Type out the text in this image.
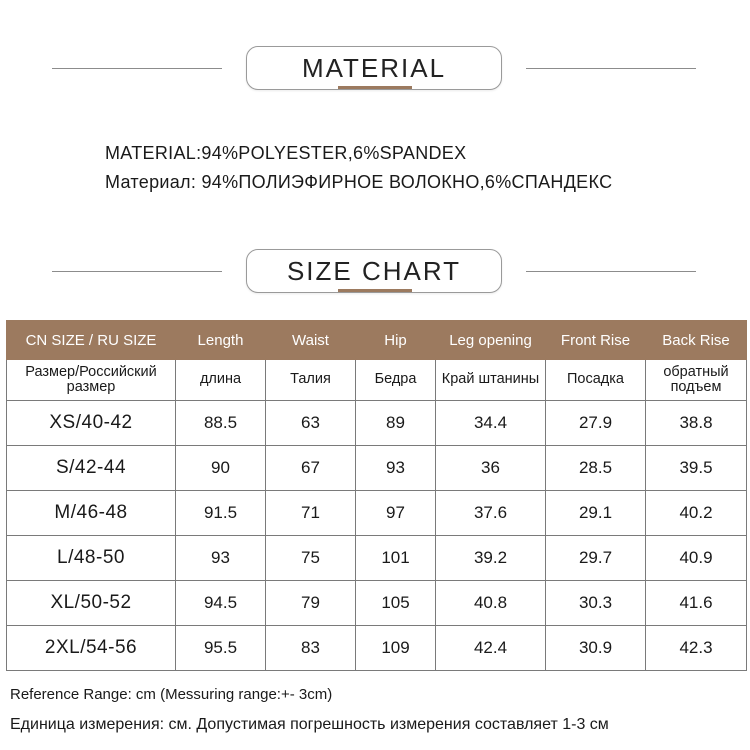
MATERIAL
MATERIAL:94%POLYESTER,6%SPANDEX
Материал: 94%ПОЛИЭФИРНОЕ ВОЛОКНО,6%СПАНДЕКС
SIZE CHART
CN SIZE / RU SIZE	Length	Waist	Hip	Leg opening	Front Rise	Back Rise
Размер/Российский размер	длина	Талия	Бедра	Край штанины	Посадка	обратный подъем
XS/40-42	88.5	63	89	34.4	27.9	38.8
S/42-44	90	67	93	36	28.5	39.5
M/46-48	91.5	71	97	37.6	29.1	40.2
L/48-50	93	75	101	39.2	29.7	40.9
XL/50-52	94.5	79	105	40.8	30.3	41.6
2XL/54-56	95.5	83	109	42.4	30.9	42.3
Reference Range: cm (Messuring range:+- 3cm)
Единица измерения: см. Допустимая погрешность измерения составляет 1-3 см
